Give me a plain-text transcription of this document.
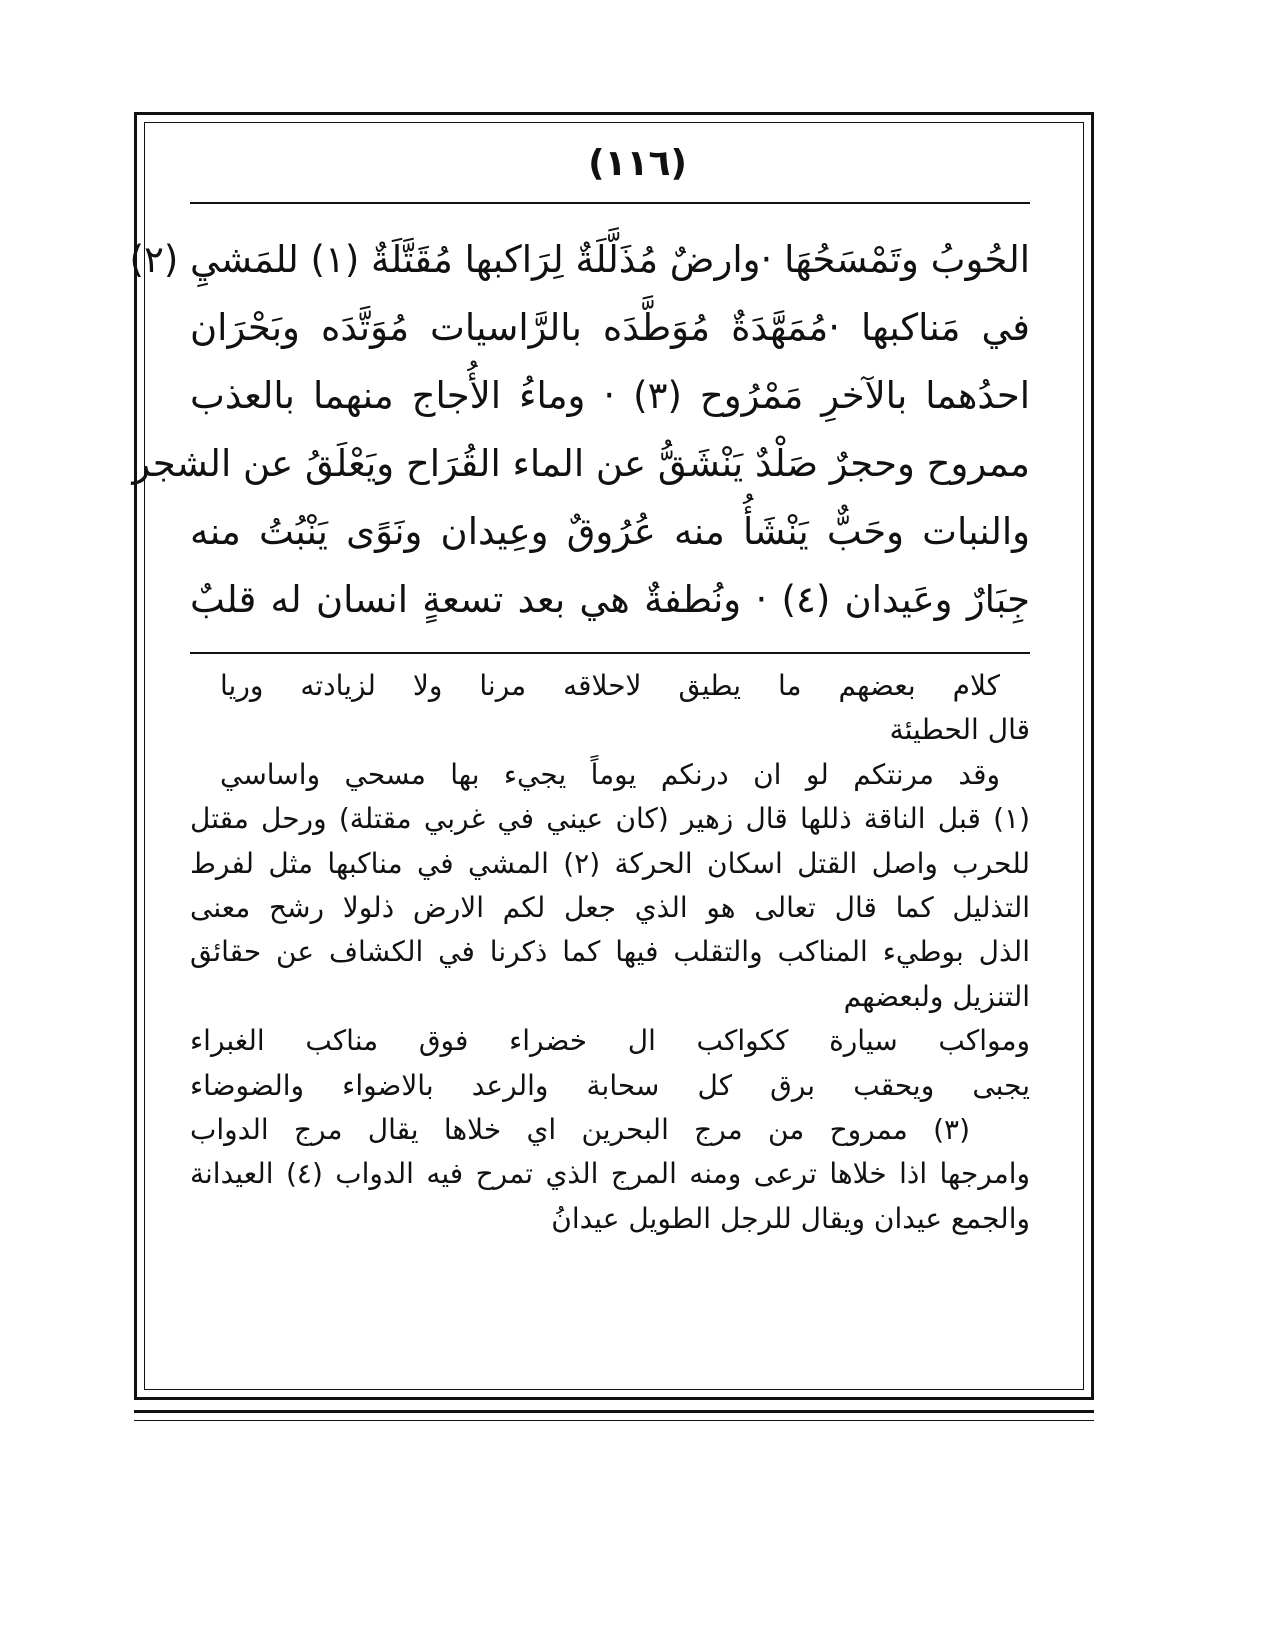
(١١٦)
الحُوبُ وتَمْسَحُهَا ·وارضٌ مُذَلَّلَةٌ لِرَاكبها مُقَتَّلَةٌ (١) للمَشيِ (٢)
في مَناكبها ·مُمَهَّدَةٌ مُوَطَّدَه بالرَّاسيات مُوَتَّدَه وبَحْرَان
احدُهما بالآخرِ مَمْرُوح (٣) · وماءُ الأُجاج منهما بالعذب
ممروح وحجرٌ صَلْدٌ يَنْشَقُّ عن الماء القُرَاح ويَعْلَقُ عن الشجر
والنبات وحَبٌّ يَنْشَأُ منه عُرُوقٌ وعِيدان ونَوًى يَنْبُتُ منه
جِبَارٌ وعَيدان (٤) · ونُطفةٌ هي بعد تسعةٍ انسان له قلبٌ
كلام بعضهم ما يطيق لاحلاقه مرنا ولا لزيادته وريا
قال الحطيئة
وقد مرنتكم لو ان درنكم يوماً يجيء بها مسحي واساسي
(١) قبل الناقة ذللها قال زهير (كان عيني في غربي مقتلة) ورحل مقتل
للحرب واصل القتل اسكان الحركة (٢) المشي في مناكبها مثل لفرط
التذليل كما قال تعالى هو الذي جعل لكم الارض ذلولا رشح معنى
الذل بوطيء المناكب والتقلب فيها كما ذكرنا في الكشاف عن حقائق
التنزيل ولبعضهم
ومواكب سيارة ككواكب ال خضراء فوق مناكب الغبراء
يجبى ويحقب برق كل سحابة والرعد بالاضواء والضوضاء
(٣) ممروح من مرج البحرين اي خلاها يقال مرج الدواب
وامرجها اذا خلاها ترعى ومنه المرج الذي تمرح فيه الدواب (٤) العيدانة
والجمع عيدان ويقال للرجل الطويل عيدانُ
